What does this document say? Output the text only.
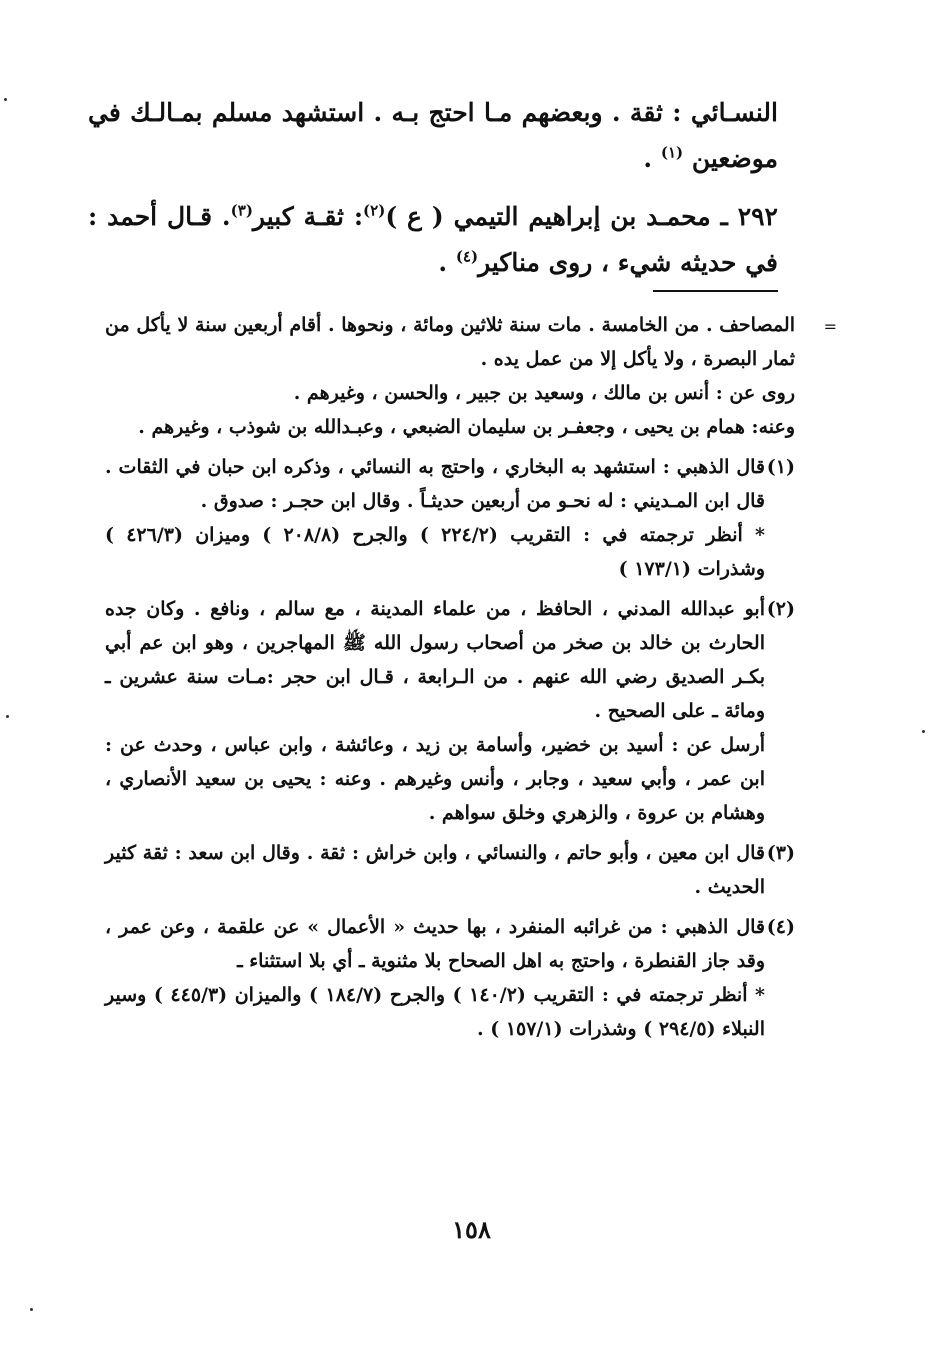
النسـائي : ثقة . وبعضهم مـا احتج بـه . استشهد مسلم بمـالـك في موضعين $^{(١)}$ .

٢٩٢ ـ محمـد بن إبراهيم التيمي ( ع )$^{(٢)}$: ثقـة كبير$^{(٣)}$. قـال أحمد : في حديثه شيء ، روى مناكير$^{(٤)}$ .

=

المصاحف . من الخامسة . مات سنة ثلاثين ومائة ، ونحوها . أقام أربعين سنة لا يأكل من ثمار البصرة ، ولا يأكل إلا من عمل يده .

روى عن : أنس بن مالك ، وسعيد بن جبير ، والحسن ، وغيرهم .

وعنه: همام بن يحيى ، وجعفـر بن سليمان الضبعي ، وعبـدالله بن شوذب ، وغيرهم .

(١)

قال الذهبي : استشهد به البخاري ، واحتج به النسائي ، وذكره ابن حبان في الثقات . قال ابن المـديني : له نحـو من أربعين حديثـاً . وقال ابن حجـر : صدوق .

* أنظر ترجمته في : التقريب (٢٢٤/٢ ) والجرح (٢٠٨/٨ ) وميزان (٤٢٦/٣ ) وشذرات (١٧٣/١ )

(٢)

أبو عبدالله المدني ، الحافظ ، من علماء المدينة ، مع سالم ، ونافع . وكان جده الحارث بن خالد بن صخر من أصحاب رسول الله ﷺ المهاجرين ، وهو ابن عم أبي بكـر الصديق رضي الله عنهم . من الـرابعة ، قـال ابن حجر :مـات سنة عشرين ـ ومائة ـ على الصحيح .

أرسل عن : أسيد بن خضير، وأسامة بن زيد ، وعائشة ، وابن عباس ، وحدث عن : ابن عمر ، وأبي سعيد ، وجابر ، وأنس وغيرهم . وعنه : يحيى بن سعيد الأنصاري ، وهشام بن عروة ، والزهري وخلق سواهم .

(٣)

قال ابن معين ، وأبو حاتم ، والنسائي ، وابن خراش : ثقة . وقال ابن سعد : ثقة كثير الحديث .

(٤)

قال الذهبي : من غرائبه المنفرد ، بها حديث « الأعمال » عن علقمة ، وعن عمر ، وقد جاز القنطرة ، واحتج به اهل الصحاح بلا مثنوية ـ أي بلا استثناء ـ

* أنظر ترجمته في : التقريب (١٤٠/٢ ) والجرح (١٨٤/٧ ) والميزان (٤٤٥/٣ ) وسير النبلاء (٢٩٤/٥ ) وشذرات (١٥٧/١ ) .

١٥٨
